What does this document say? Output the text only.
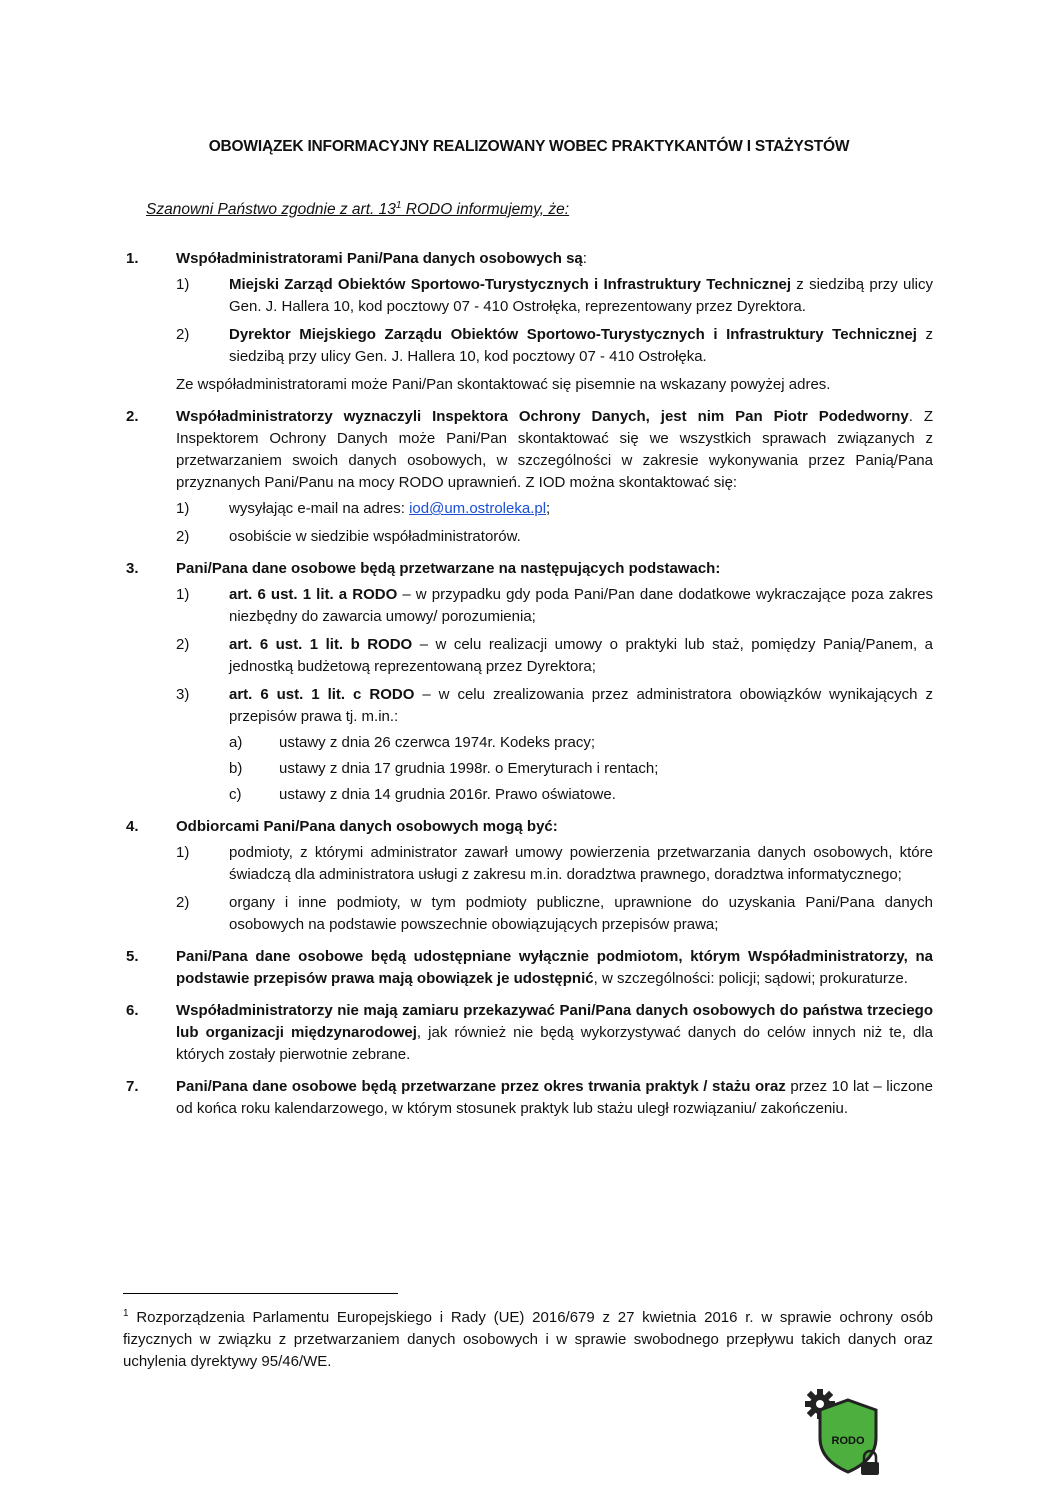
OBOWIĄZEK INFORMACYJNY REALIZOWANY WOBEC PRAKTYKANTÓW I STAŻYSTÓW
Szanowni Państwo zgodnie z art. $13^1$ RODO informujemy, że:
1. Współadministratorami Pani/Pana danych osobowych są:

1)	Miejski Zarząd Obiektów Sportowo-Turystycznych i Infrastruktury Technicznej z siedzibą przy ulicy Gen. J. Hallera 10, kod pocztowy 07 - 410 Ostrołęka, reprezentowany przez Dyrektora.
2)	Dyrektor Miejskiego Zarządu Obiektów Sportowo-Turystycznych i Infrastruktury Technicznej z siedzibą przy ulicy Gen. J. Hallera 10, kod pocztowy 07 - 410 Ostrołęka.

Ze współadministratorami może Pani/Pan skontaktować się pisemnie na wskazany powyżej adres.

2. Współadministratorzy wyznaczyli Inspektora Ochrony Danych, jest nim Pan Piotr Podedworny. Z Inspektorem Ochrony Danych może Pani/Pan skontaktować się we wszystkich sprawach związanych z przetwarzaniem swoich danych osobowych, w szczególności w zakresie wykonywania przez Panią/Pana przyznanych Pani/Panu na mocy RODO uprawnień. Z IOD można skontaktować się:

1)	wysyłając e-mail na adres: iod@um.ostroleka.pl;
2)	osobiście w siedzibie współadministratorów.
3. Pani/Pana dane osobowe będą przetwarzane na następujących podstawach:

1)	art. 6 ust. 1 lit. a RODO – w przypadku gdy poda Pani/Pan dane dodatkowe wykraczające poza zakres niezbędny do zawarcia umowy/ porozumienia;
2)	art. 6 ust. 1 lit. b RODO – w celu realizacji umowy o praktyki lub staż, pomiędzy Panią/Panem, a jednostką budżetową reprezentowaną przez Dyrektora;
3)	art. 6 ust. 1 lit. c RODO – w celu zrealizowania przez administratora obowiązków wynikających z przepisów prawa tj. m.in.:
a) ustawy z dnia 26 czerwca 1974r. Kodeks pracy;
b) ustawy z dnia 17 grudnia 1998r. o Emeryturach i rentach;
c)	ustawy z dnia 14 grudnia 2016r. Prawo oświatowe.
4. Odbiorcami Pani/Pana danych osobowych mogą być:

1)	podmioty, z którymi administrator zawarł umowy powierzenia przetwarzania danych osobowych, które świadczą dla administratora usługi z zakresu m.in. doradztwa prawnego, doradztwa informatycznego;
2)	organy i inne podmioty, w tym podmioty publiczne, uprawnione do uzyskania Pani/Pana danych osobowych na podstawie powszechnie obowiązujących przepisów prawa;
5. Pani/Pana dane osobowe będą udostępniane wyłącznie podmiotom, którym Współadministratorzy, na podstawie przepisów prawa mają obowiązek je udostępnić, w szczególności: policji; sądowi; prokuraturze.

6. Współadministratorzy nie mają zamiaru przekazywać Pani/Pana danych osobowych do państwa trzeciego lub organizacji międzynarodowej, jak również nie będą wykorzystywać danych do celów innych niż te, dla których zostały pierwotnie zebrane.

7. Pani/Pana dane osobowe będą przetwarzane przez okres trwania praktyk / stażu oraz przez 10 lat – liczone od końca roku kalendarzowego, w którym stosunek praktyk lub stażu uległ rozwiązaniu/ zakończeniu.

$^1$ Rozporządzenia Parlamentu Europejskiego i Rady (UE) 2016/679 z 27 kwietnia 2016 r. w sprawie ochrony osób fizycznych w związku z przetwarzaniem danych osobowych i w sprawie swobodnego przepływu takich danych oraz uchylenia dyrektywy 95/46/WE.
RODO
